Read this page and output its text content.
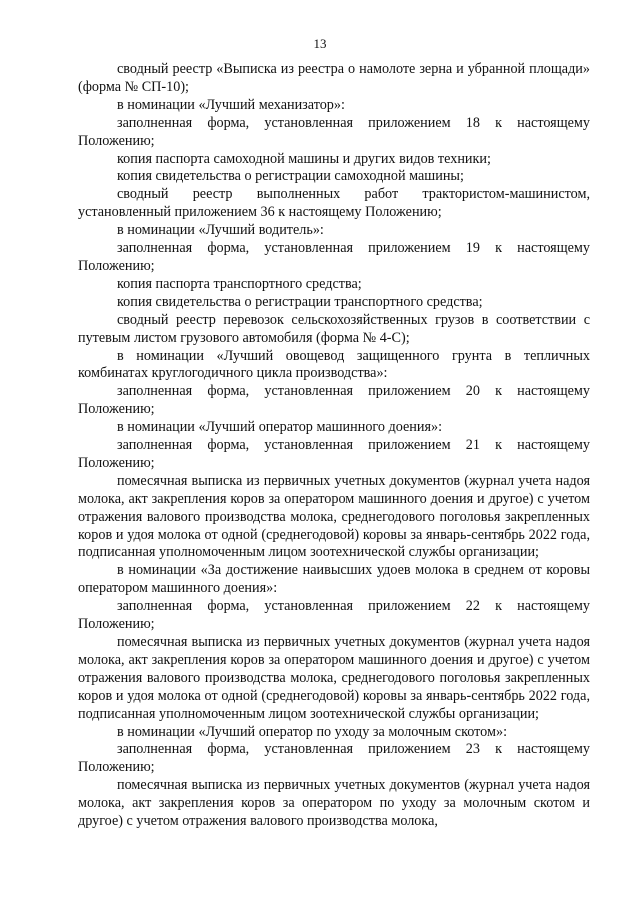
13

сводный реестр «Выписка из реестра о намолоте зерна и убранной площади» (форма № СП-10);

в номинации «Лучший механизатор»:

заполненная форма, установленная приложением 18 к настоящему Положению;

копия паспорта самоходной машины и других видов техники;

копия свидетельства о регистрации самоходной машины;

сводный реестр выполненных работ трактористом-машинистом, установленный приложением 36 к настоящему Положению;

в номинации «Лучший водитель»:

заполненная форма, установленная приложением 19 к настоящему Положению;

копия паспорта транспортного средства;

копия свидетельства о регистрации транспортного средства;

сводный реестр перевозок сельскохозяйственных грузов в соответствии с путевым листом грузового автомобиля (форма № 4-С);

в номинации «Лучший овощевод защищенного грунта в тепличных комбинатах круглогодичного цикла производства»:

заполненная форма, установленная приложением 20 к настоящему Положению;

в номинации «Лучший оператор машинного доения»:

заполненная форма, установленная приложением 21 к настоящему Положению;

помесячная выписка из первичных учетных документов (журнал учета надоя молока, акт закрепления коров за оператором машинного доения и другое) с учетом отражения валового производства молока, среднегодового поголовья закрепленных коров и удоя молока от одной (среднегодовой) коровы за январь-сентябрь 2022 года, подписанная уполномоченным лицом зоотехнической службы организации;

в номинации «За достижение наивысших удоев молока в среднем от коровы оператором машинного доения»:

заполненная форма, установленная приложением 22 к настоящему Положению;

помесячная выписка из первичных учетных документов (журнал учета надоя молока, акт закрепления коров за оператором машинного доения и другое) с учетом отражения валового производства молока, среднегодового поголовья закрепленных коров и удоя молока от одной (среднегодовой) коровы за январь-сентябрь 2022 года, подписанная уполномоченным лицом зоотехнической службы организации;

в номинации «Лучший оператор по уходу за молочным скотом»:

заполненная форма, установленная приложением 23 к настоящему Положению;

помесячная выписка из первичных учетных документов (журнал учета надоя молока, акт закрепления коров за оператором по уходу за молочным скотом и другое) с учетом отражения валового производства молока,
